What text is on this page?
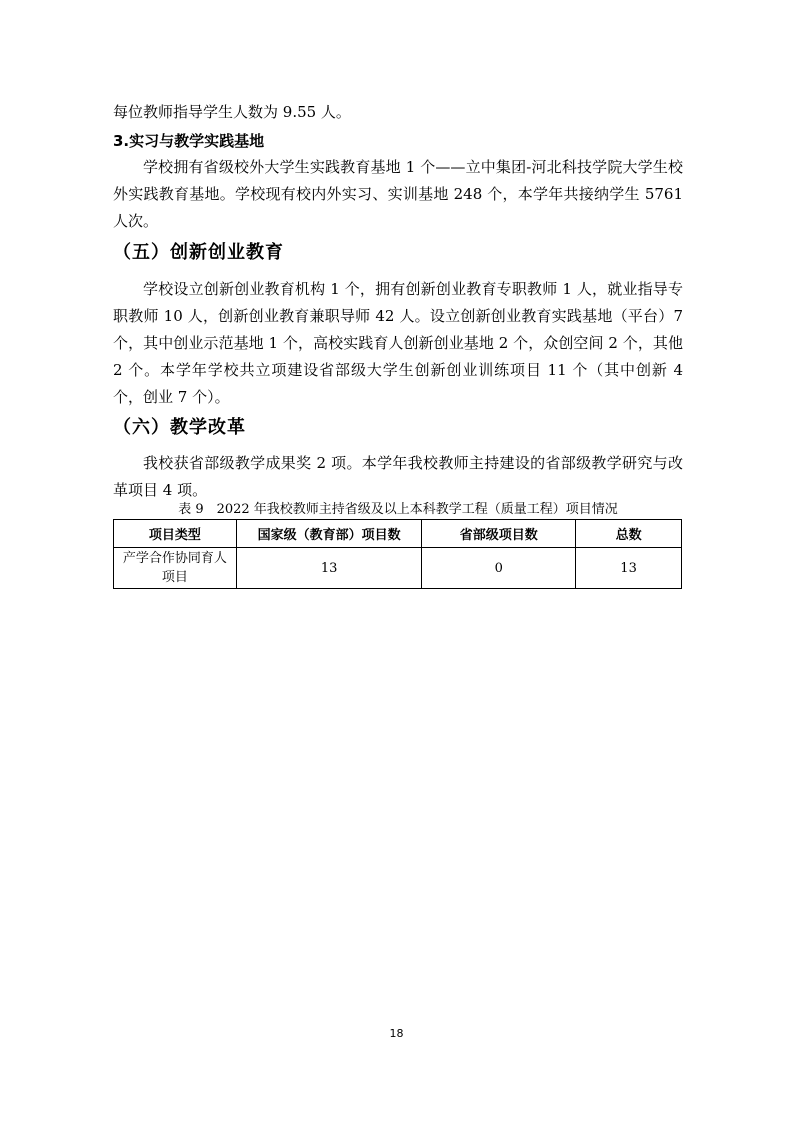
每位教师指导学生人数为 9.55 人。

3.实习与教学实践基地

学校拥有省级校外大学生实践教育基地 1 个——立中集团-河北科技学院大学生校外实践教育基地。学校现有校内外实习、实训基地 248 个，本学年共接纳学生 5761 人次。

（五）创新创业教育

学校设立创新创业教育机构 1 个，拥有创新创业教育专职教师 1 人，就业指导专职教师 10 人，创新创业教育兼职导师 42 人。设立创新创业教育实践基地（平台）7 个，其中创业示范基地 1 个，高校实践育人创新创业基地 2 个，众创空间 2 个，其他 2 个。本学年学校共立项建设省部级大学生创新创业训练项目 11 个（其中创新 4 个，创业 7 个）。

（六）教学改革

我校获省部级教学成果奖 2 项。本学年我校教师主持建设的省部级教学研究与改革项目 4 项。

表 9　2022 年我校教师主持省级及以上本科教学工程（质量工程）项目情况

项目类型	国家级（教育部）项目数	省部级项目数	总数
产学合作协同育人项目	13	0	13
18
